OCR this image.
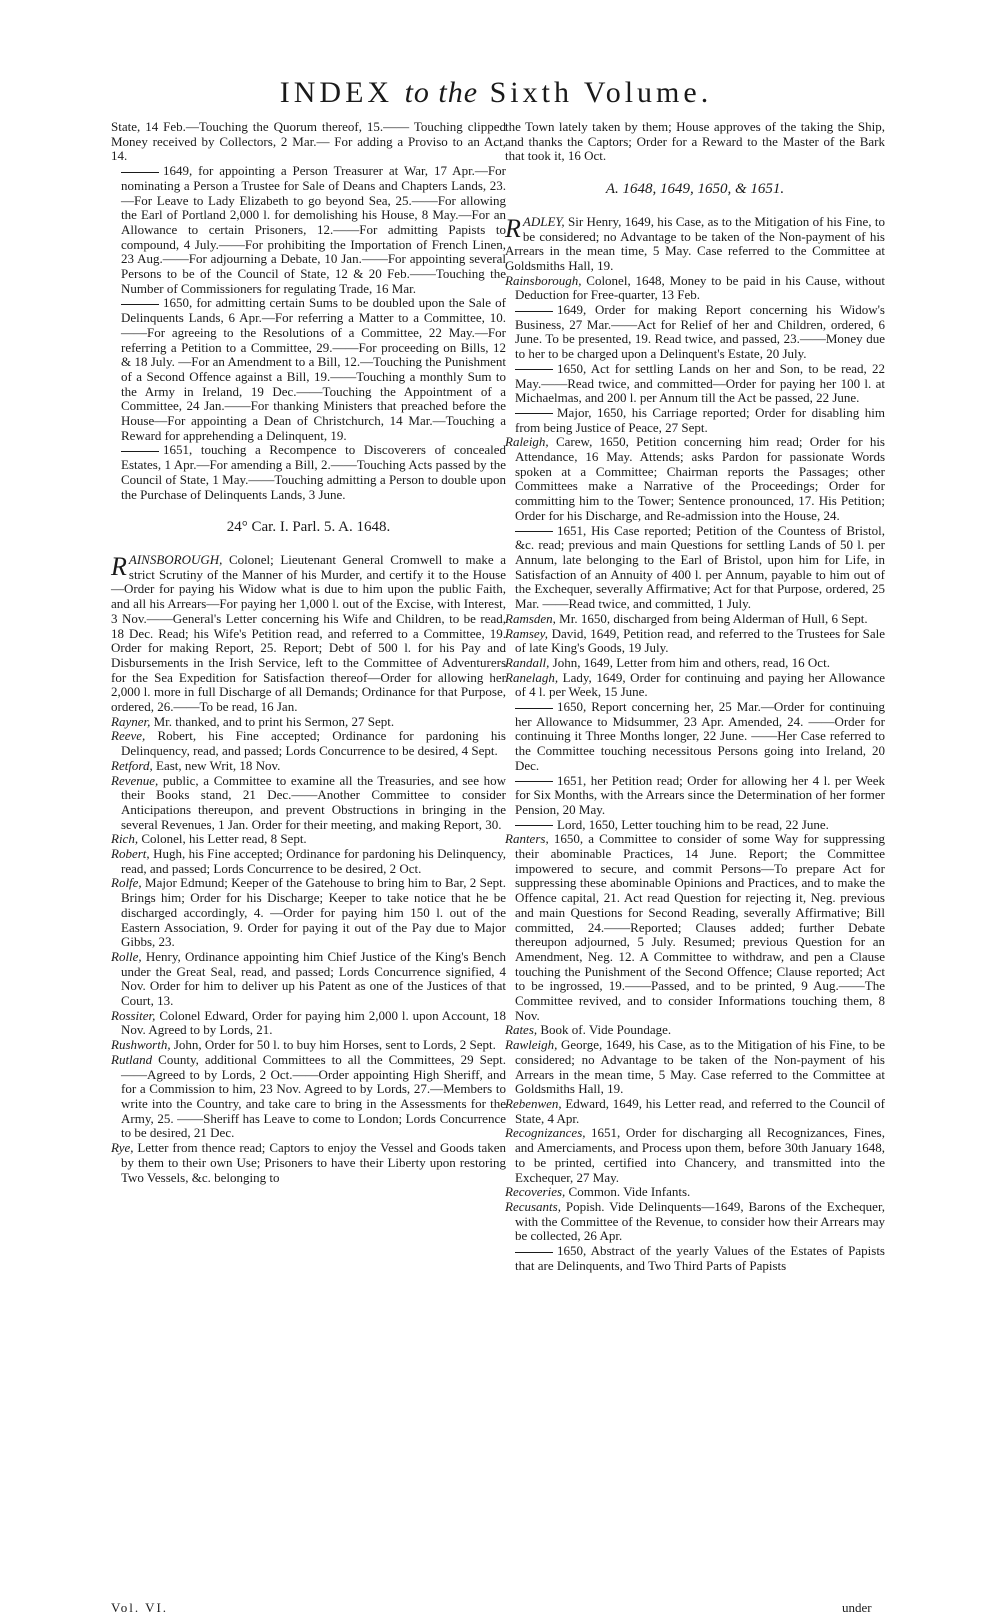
INDEX to the Sixth Volume.

State, 14 Feb.—Touching the Quorum thereof, 15.—— Touching clipped Money received by Collectors, 2 Mar.— For adding a Proviso to an Act, 14.

1649, for appointing a Person Treasurer at War, 17 Apr.—For nominating a Person a Trustee for Sale of Deans and Chapters Lands, 23.—For Leave to Lady Elizabeth to go beyond Sea, 25.——For allowing the Earl of Portland 2,000 l. for demolishing his House, 8 May.—For an Allowance to certain Prisoners, 12.——For admitting Papists to compound, 4 July.——For prohibiting the Importation of French Linen, 23 Aug.——For adjourning a Debate, 10 Jan.——For appointing several Persons to be of the Council of State, 12 & 20 Feb.——Touching the Number of Commissioners for regulating Trade, 16 Mar.

1650, for admitting certain Sums to be doubled upon the Sale of Delinquents Lands, 6 Apr.—For referring a Matter to a Committee, 10.——For agreeing to the Resolutions of a Committee, 22 May.—For referring a Petition to a Committee, 29.——For proceeding on Bills, 12 & 18 July. —For an Amendment to a Bill, 12.—Touching the Punishment of a Second Offence against a Bill, 19.——Touching a monthly Sum to the Army in Ireland, 19 Dec.——Touching the Appointment of a Committee, 24 Jan.——For thanking Ministers that preached before the House—For appointing a Dean of Christchurch, 14 Mar.—Touching a Reward for apprehending a Delinquent, 19.

1651, touching a Recompence to Discoverers of concealed Estates, 1 Apr.—For amending a Bill, 2.——Touching Acts passed by the Council of State, 1 May.——Touching admitting a Person to double upon the Purchase of Delinquents Lands, 3 June.

24° Car. I. Parl. 5. A. 1648.

RAINSBOROUGH, Colonel; Lieutenant General Cromwell to make a strict Scrutiny of the Manner of his Murder, and certify it to the House—Order for paying his Widow what is due to him upon the public Faith, and all his Arrears—For paying her 1,000 l. out of the Excise, with Interest, 3 Nov.——General's Letter concerning his Wife and Children, to be read, 18 Dec. Read; his Wife's Petition read, and referred to a Committee, 19. Order for making Report, 25. Report; Debt of 500 l. for his Pay and Disbursements in the Irish Service, left to the Committee of Adventurers for the Sea Expedition for Satisfaction thereof—Order for allowing her 2,000 l. more in full Discharge of all Demands; Ordinance for that Purpose, ordered, 26.——To be read, 16 Jan.

Rayner, Mr. thanked, and to print his Sermon, 27 Sept.

Reeve, Robert, his Fine accepted; Ordinance for pardoning his Delinquency, read, and passed; Lords Concurrence to be desired, 4 Sept.

Retford, East, new Writ, 18 Nov.

Revenue, public, a Committee to examine all the Treasuries, and see how their Books stand, 21 Dec.——Another Committee to consider Anticipations thereupon, and prevent Obstructions in bringing in the several Revenues, 1 Jan. Order for their meeting, and making Report, 30.

Rich, Colonel, his Letter read, 8 Sept.

Robert, Hugh, his Fine accepted; Ordinance for pardoning his Delinquency, read, and passed; Lords Concurrence to be desired, 2 Oct.

Rolfe, Major Edmund; Keeper of the Gatehouse to bring him to Bar, 2 Sept. Brings him; Order for his Discharge; Keeper to take notice that he be discharged accordingly, 4. —Order for paying him 150 l. out of the Eastern Association, 9. Order for paying it out of the Pay due to Major Gibbs, 23.

Rolle, Henry, Ordinance appointing him Chief Justice of the King's Bench under the Great Seal, read, and passed; Lords Concurrence signified, 4 Nov. Order for him to deliver up his Patent as one of the Justices of that Court, 13.

Rossiter, Colonel Edward, Order for paying him 2,000 l. upon Account, 18 Nov. Agreed to by Lords, 21.

Rushworth, John, Order for 50 l. to buy him Horses, sent to Lords, 2 Sept.

Rutland County, additional Committees to all the Committees, 29 Sept.——Agreed to by Lords, 2 Oct.——Order appointing High Sheriff, and for a Commission to him, 23 Nov. Agreed to by Lords, 27.—Members to write into the Country, and take care to bring in the Assessments for the Army, 25. ——Sheriff has Leave to come to London; Lords Concurrence to be desired, 21 Dec.

Rye, Letter from thence read; Captors to enjoy the Vessel and Goods taken by them to their own Use; Prisoners to have their Liberty upon restoring Two Vessels, &c. belonging to

the Town lately taken by them; House approves of the taking the Ship, and thanks the Captors; Order for a Reward to the Master of the Bark that took it, 16 Oct.

A. 1648, 1649, 1650, & 1651.

RADLEY, Sir Henry, 1649, his Case, as to the Mitigation of his Fine, to be considered; no Advantage to be taken of the Non-payment of his Arrears in the mean time, 5 May. Case referred to the Committee at Goldsmiths Hall, 19.

Rainsborough, Colonel, 1648, Money to be paid in his Cause, without Deduction for Free-quarter, 13 Feb.

1649, Order for making Report concerning his Widow's Business, 27 Mar.——Act for Relief of her and Children, ordered, 6 June. To be presented, 19. Read twice, and passed, 23.——Money due to her to be charged upon a Delinquent's Estate, 20 July.

1650, Act for settling Lands on her and Son, to be read, 22 May.——Read twice, and committed—Order for paying her 100 l. at Michaelmas, and 200 l. per Annum till the Act be passed, 22 June.

Major, 1650, his Carriage reported; Order for disabling him from being Justice of Peace, 27 Sept.

Raleigh, Carew, 1650, Petition concerning him read; Order for his Attendance, 16 May. Attends; asks Pardon for passionate Words spoken at a Committee; Chairman reports the Passages; other Committees make a Narrative of the Proceedings; Order for committing him to the Tower; Sentence pronounced, 17. His Petition; Order for his Discharge, and Re-admission into the House, 24.

1651, His Case reported; Petition of the Countess of Bristol, &c. read; previous and main Questions for settling Lands of 50 l. per Annum, late belonging to the Earl of Bristol, upon him for Life, in Satisfaction of an Annuity of 400 l. per Annum, payable to him out of the Exchequer, severally Affirmative; Act for that Purpose, ordered, 25 Mar. ——Read twice, and committed, 1 July.

Ramsden, Mr. 1650, discharged from being Alderman of Hull, 6 Sept.

Ramsey, David, 1649, Petition read, and referred to the Trustees for Sale of late King's Goods, 19 July.

Randall, John, 1649, Letter from him and others, read, 16 Oct.

Ranelagh, Lady, 1649, Order for continuing and paying her Allowance of 4 l. per Week, 15 June.

1650, Report concerning her, 25 Mar.—Order for continuing her Allowance to Midsummer, 23 Apr. Amended, 24. ——Order for continuing it Three Months longer, 22 June. ——Her Case referred to the Committee touching necessitous Persons going into Ireland, 20 Dec.

1651, her Petition read; Order for allowing her 4 l. per Week for Six Months, with the Arrears since the Determination of her former Pension, 20 May.

Lord, 1650, Letter touching him to be read, 22 June.

Ranters, 1650, a Committee to consider of some Way for suppressing their abominable Practices, 14 June. Report; the Committee impowered to secure, and commit Persons—To prepare Act for suppressing these abominable Opinions and Practices, and to make the Offence capital, 21. Act read Question for rejecting it, Neg. previous and main Questions for Second Reading, severally Affirmative; Bill committed, 24.——Reported; Clauses added; further Debate thereupon adjourned, 5 July. Resumed; previous Question for an Amendment, Neg. 12. A Committee to withdraw, and pen a Clause touching the Punishment of the Second Offence; Clause reported; Act to be ingrossed, 19.——Passed, and to be printed, 9 Aug.——The Committee revived, and to consider Informations touching them, 8 Nov.

Rates, Book of. Vide Poundage.

Rawleigh, George, 1649, his Case, as to the Mitigation of his Fine, to be considered; no Advantage to be taken of the Non-payment of his Arrears in the mean time, 5 May. Case referred to the Committee at Goldsmiths Hall, 19.

Rebenwen, Edward, 1649, his Letter read, and referred to the Council of State, 4 Apr.

Recognizances, 1651, Order for discharging all Recognizances, Fines, and Amerciaments, and Process upon them, before 30th January 1648, to be printed, certified into Chancery, and transmitted into the Exchequer, 27 May.

Recoveries, Common. Vide Infants.

Recusants, Popish. Vide Delinquents—1649, Barons of the Exchequer, with the Committee of the Revenue, to consider how their Arrears may be collected, 26 Apr.

1650, Abstract of the yearly Values of the Estates of Papists that are Delinquents, and Two Third Parts of Papists

Vol. VI.	under
